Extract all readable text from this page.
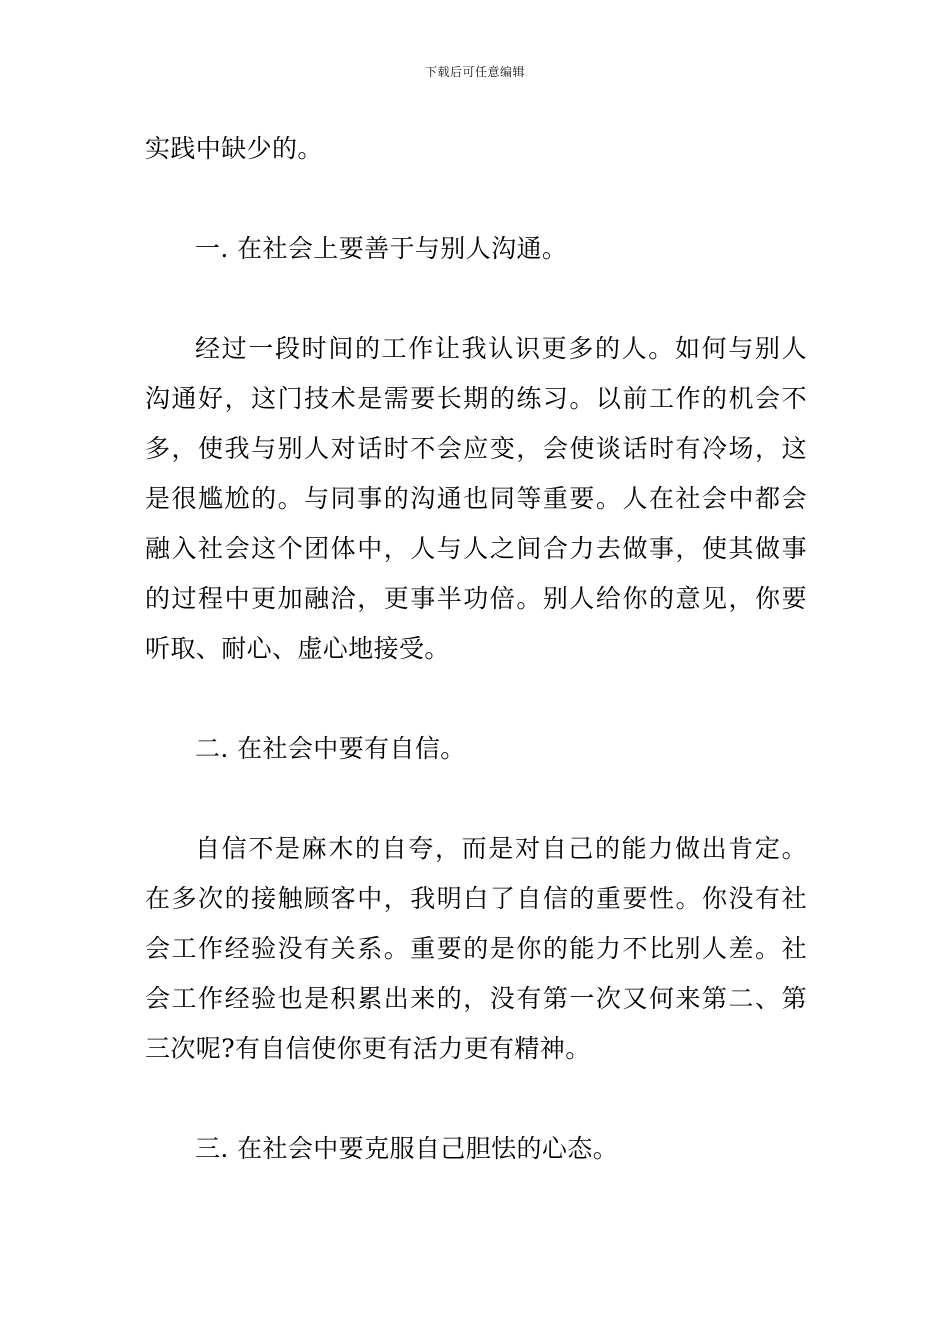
下载后可任意编辑

实践中缺少的。

一. 在社会上要善于与别人沟通。

经过一段时间的工作让我认识更多的人。如何与别人
沟通好，这门技术是需要长期的练习。以前工作的机会不
多，使我与别人对话时不会应变，会使谈话时有冷场，这
是很尴尬的。与同事的沟通也同等重要。人在社会中都会
融入社会这个团体中，人与人之间合力去做事，使其做事
的过程中更加融洽，更事半功倍。别人给你的意见，你要
听取、耐心、虚心地接受。

二. 在社会中要有自信。

自信不是麻木的自夸，而是对自己的能力做出肯定。
在多次的接触顾客中，我明白了自信的重要性。你没有社
会工作经验没有关系。重要的是你的能力不比别人差。社
会工作经验也是积累出来的，没有第一次又何来第二、第
三次呢?有自信使你更有活力更有精神。

三. 在社会中要克服自己胆怯的心态。
